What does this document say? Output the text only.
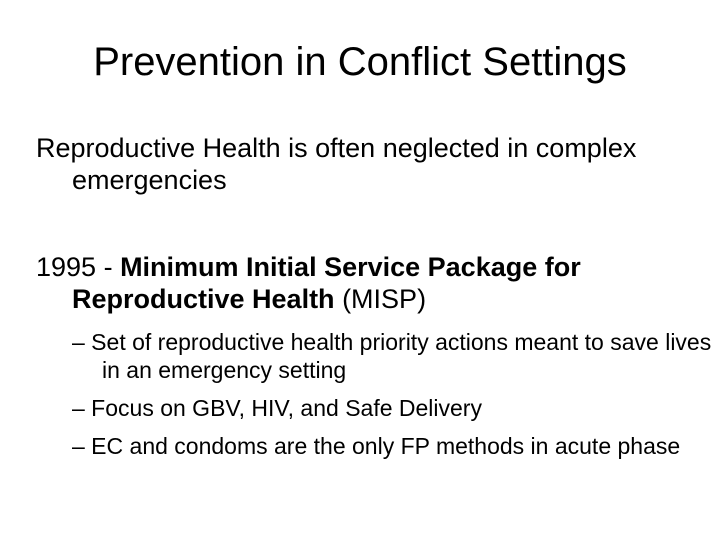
Prevention in Conflict Settings
Reproductive Health is often neglected in complex emergencies
1995 - Minimum Initial Service Package for Reproductive Health (MISP)
– Set of reproductive health priority actions meant to save lives in an emergency setting
– Focus on GBV, HIV, and Safe Delivery
– EC and condoms are the only FP methods in acute phase
